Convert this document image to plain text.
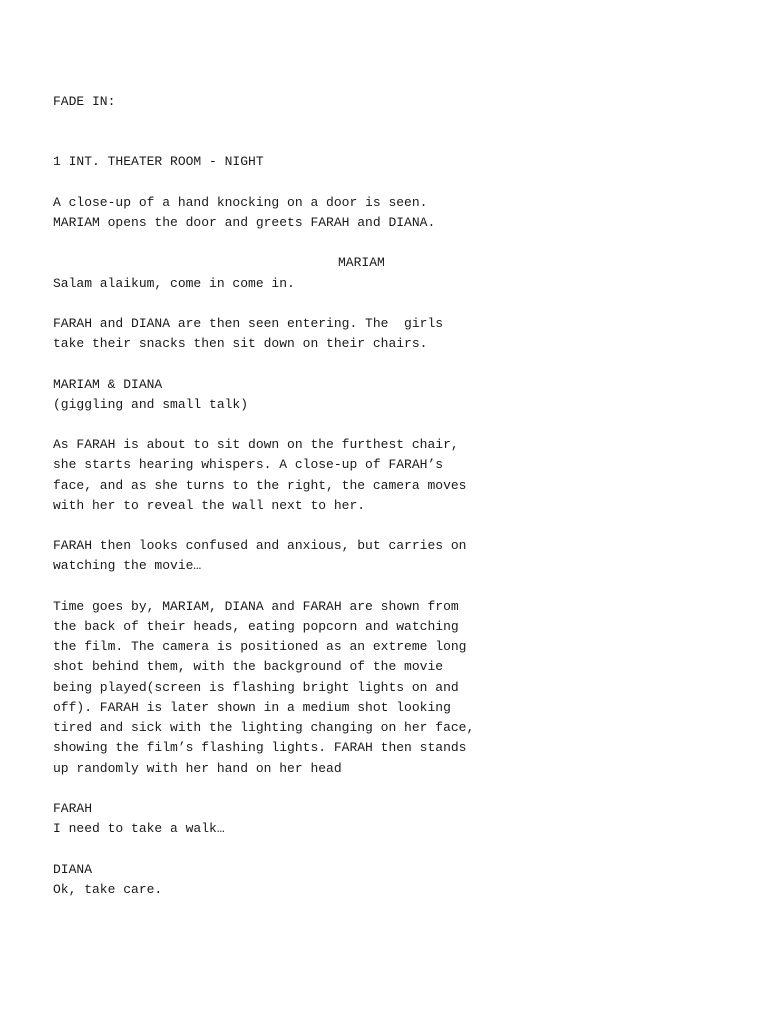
FADE IN:

1 INT. THEATER ROOM - NIGHT

A close-up of a hand knocking on a door is seen.

MARIAM opens the door and greets FARAH and DIANA.

MARIAM

Salam alaikum, come in come in.

FARAH and DIANA are then seen entering. The  girls

take their snacks then sit down on their chairs.

MARIAM & DIANA

(giggling and small talk)

As FARAH is about to sit down on the furthest chair,

she starts hearing whispers. A close-up of FARAH’s

face, and as she turns to the right, the camera moves

with her to reveal the wall next to her.

FARAH then looks confused and anxious, but carries on

watching the movie…

Time goes by, MARIAM, DIANA and FARAH are shown from

the back of their heads, eating popcorn and watching

the film. The camera is positioned as an extreme long

shot behind them, with the background of the movie

being played(screen is flashing bright lights on and

off). FARAH is later shown in a medium shot looking

tired and sick with the lighting changing on her face,

showing the film’s flashing lights. FARAH then stands

up randomly with her hand on her head

FARAH

I need to take a walk…

DIANA

Ok, take care.
